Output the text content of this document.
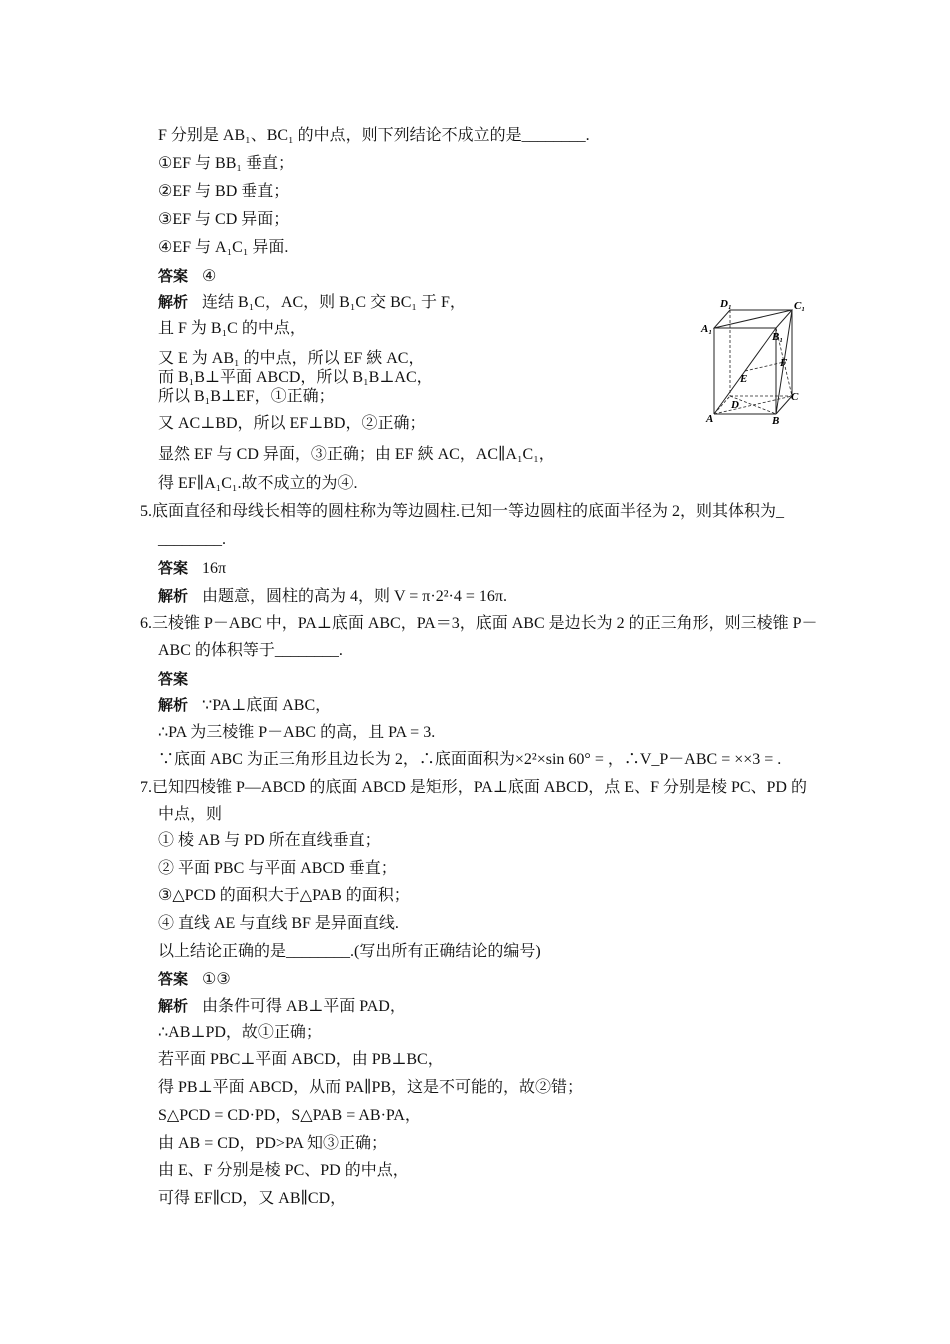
F 分别是 AB₁、BC₁ 的中点，则下列结论不成立的是________.
①EF 与 BB₁ 垂直；
②EF 与 BD 垂直；
③EF 与 CD 异面；
④EF 与 A₁C₁ 异面.
答案 ④
解析 连结 B₁C，AC，则 B₁C 交 BC₁ 于 F，
且 F 为 B₁C 的中点，
又 E 为 AB₁ 的中点，所以 EF 綊 AC，
而 B₁B⊥平面 ABCD，所以 B₁B⊥AC，
所以 B₁B⊥EF，①正确；
又 AC⊥BD，所以 EF⊥BD，②正确；
显然 EF 与 CD 异面，③正确；由 EF 綊 AC，AC∥A₁C₁，
得 EF∥A₁C₁.故不成立的为④.
5.底面直径和母线长相等的圆柱称为等边圆柱.已知一等边圆柱的底面半径为 2，则其体积为_
________.
答案 16π
解析 由题意，圆柱的高为 4，则 V = π·2²·4 = 16π.
6.三棱锥 P－ABC 中，PA⊥底面 ABC，PA＝3，底面 ABC 是边长为 2 的正三角形，则三棱锥 P－
ABC 的体积等于________.
答案
解析 ∵PA⊥底面 ABC，
∴PA 为三棱锥 P－ABC 的高，且 PA = 3.
∵底面 ABC 为正三角形且边长为 2，∴底面面积为×2²×sin 60° = ，∴V_P－ABC = ××3 = .
7.已知四棱锥 P—ABCD 的底面 ABCD 是矩形，PA⊥底面 ABCD，点 E、F 分别是棱 PC、PD 的
中点，则
① 棱 AB 与 PD 所在直线垂直；
② 平面 PBC 与平面 ABCD 垂直；
③△PCD 的面积大于△PAB 的面积；
④ 直线 AE 与直线 BF 是异面直线.
以上结论正确的是________.(写出所有正确结论的编号)
答案 ①③
解析 由条件可得 AB⊥平面 PAD，
∴AB⊥PD，故①正确；
若平面 PBC⊥平面 ABCD，由 PB⊥BC，
得 PB⊥平面 ABCD，从而 PA∥PB，这是不可能的，故②错；
S△PCD = CD·PD，S△PAB = AB·PA，
由 AB = CD，PD>PA 知③正确；
由 E、F 分别是棱 PC、PD 的中点，
可得 EF∥CD，又 AB∥CD，
D₁	C₁
A₁
B₁
F
E
D
C
A	B
